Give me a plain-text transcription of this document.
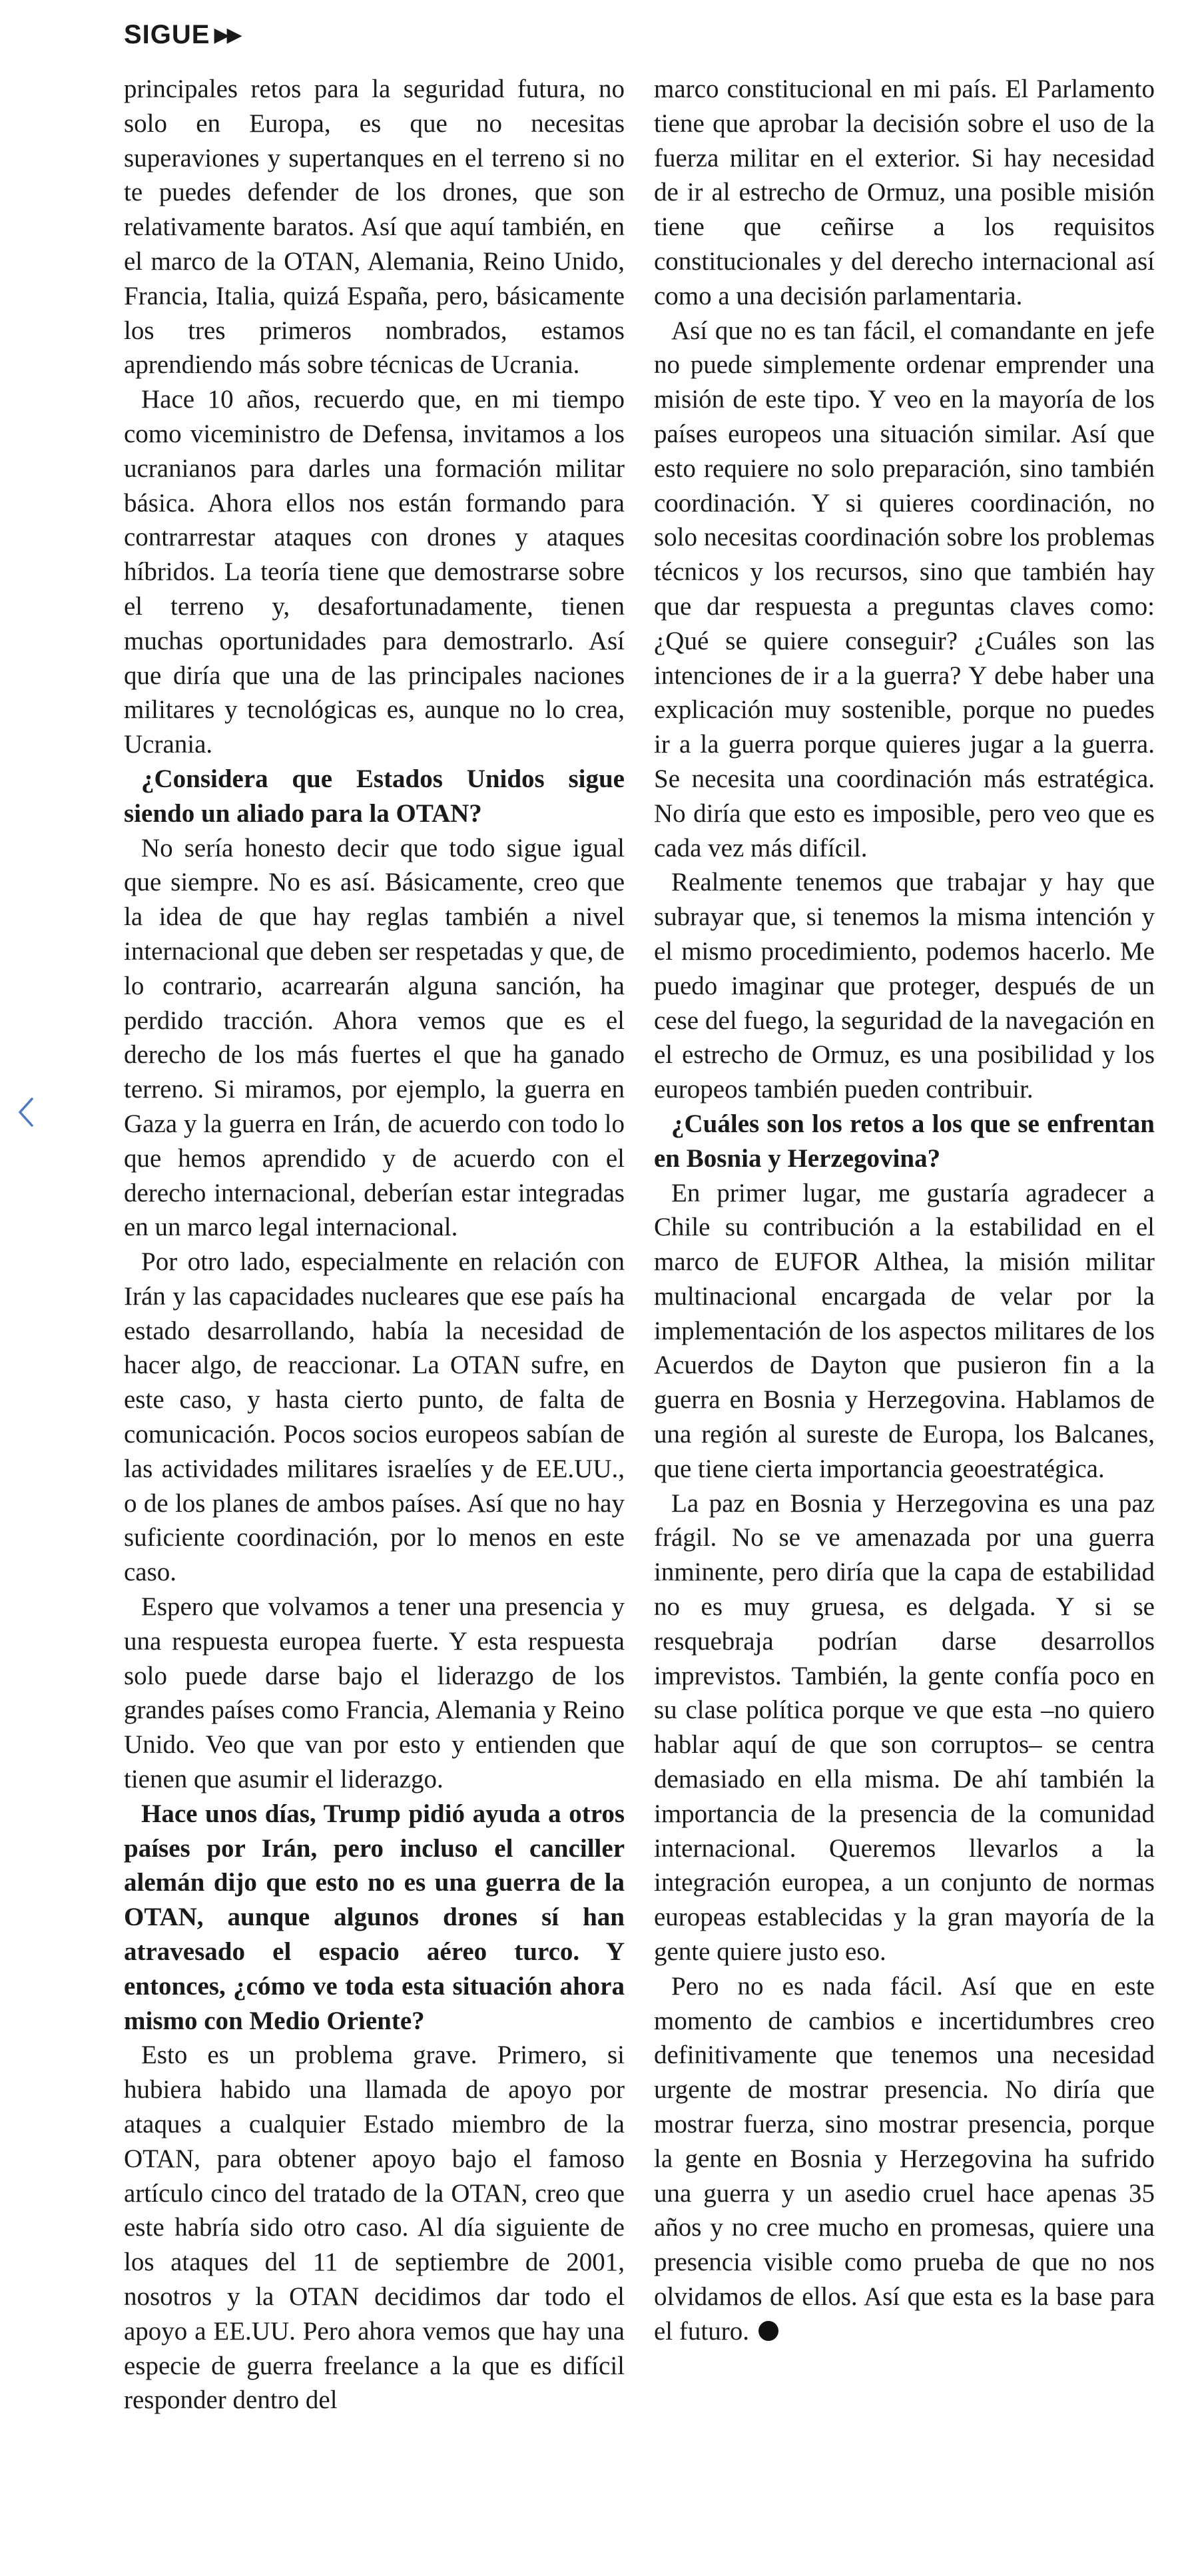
SIGUE ▶▶

principales retos para la seguridad futura, no solo en Europa, es que no necesitas superaviones y supertanques en el terreno si no te puedes defender de los drones, que son relativamente baratos. Así que aquí también, en el marco de la OTAN, Alemania, Reino Unido, Francia, Italia, quizá España, pero, básicamente los tres primeros nombrados, estamos aprendiendo más sobre técnicas de Ucrania.

Hace 10 años, recuerdo que, en mi tiempo como viceministro de Defensa, invitamos a los ucranianos para darles una formación militar básica. Ahora ellos nos están formando para contrarrestar ataques con drones y ataques híbridos. La teoría tiene que demostrarse sobre el terreno y, desafortunadamente, tienen muchas oportunidades para demostrarlo. Así que diría que una de las principales naciones militares y tecnológicas es, aunque no lo crea, Ucrania.

¿Considera que Estados Unidos sigue siendo un aliado para la OTAN?

No sería honesto decir que todo sigue igual que siempre. No es así. Básicamente, creo que la idea de que hay reglas también a nivel internacional que deben ser respetadas y que, de lo contrario, acarrearán alguna sanción, ha perdido tracción. Ahora vemos que es el derecho de los más fuertes el que ha ganado terreno. Si miramos, por ejemplo, la guerra en Gaza y la guerra en Irán, de acuerdo con todo lo que hemos aprendido y de acuerdo con el derecho internacional, deberían estar integradas en un marco legal internacional.

Por otro lado, especialmente en relación con Irán y las capacidades nucleares que ese país ha estado desarrollando, había la necesidad de hacer algo, de reaccionar. La OTAN sufre, en este caso, y hasta cierto punto, de falta de comunicación. Pocos socios europeos sabían de las actividades militares israelíes y de EE.UU., o de los planes de ambos países. Así que no hay suficiente coordinación, por lo menos en este caso.

Espero que volvamos a tener una presencia y una respuesta europea fuerte. Y esta respuesta solo puede darse bajo el liderazgo de los grandes países como Francia, Alemania y Reino Unido. Veo que van por esto y entienden que tienen que asumir el liderazgo.

Hace unos días, Trump pidió ayuda a otros países por Irán, pero incluso el canciller alemán dijo que esto no es una guerra de la OTAN, aunque algunos drones sí han atravesado el espacio aéreo turco. Y entonces, ¿cómo ve toda esta situación ahora mismo con Medio Oriente?

Esto es un problema grave. Primero, si hubiera habido una llamada de apoyo por ataques a cualquier Estado miembro de la OTAN, para obtener apoyo bajo el famoso artículo cinco del tratado de la OTAN, creo que este habría sido otro caso. Al día siguiente de los ataques del 11 de septiembre de 2001, nosotros y la OTAN decidimos dar todo el apoyo a EE.UU. Pero ahora vemos que hay una especie de guerra freelance a la que es difícil responder dentro del

marco constitucional en mi país. El Parlamento tiene que aprobar la decisión sobre el uso de la fuerza militar en el exterior. Si hay necesidad de ir al estrecho de Ormuz, una posible misión tiene que ceñirse a los requisitos constitucionales y del derecho internacional así como a una decisión parlamentaria.

Así que no es tan fácil, el comandante en jefe no puede simplemente ordenar emprender una misión de este tipo. Y veo en la mayoría de los países europeos una situación similar. Así que esto requiere no solo preparación, sino también coordinación. Y si quieres coordinación, no solo necesitas coordinación sobre los problemas técnicos y los recursos, sino que también hay que dar respuesta a preguntas claves como: ¿Qué se quiere conseguir? ¿Cuáles son las intenciones de ir a la guerra? Y debe haber una explicación muy sostenible, porque no puedes ir a la guerra porque quieres jugar a la guerra. Se necesita una coordinación más estratégica. No diría que esto es imposible, pero veo que es cada vez más difícil.

Realmente tenemos que trabajar y hay que subrayar que, si tenemos la misma intención y el mismo procedimiento, podemos hacerlo. Me puedo imaginar que proteger, después de un cese del fuego, la seguridad de la navegación en el estrecho de Ormuz, es una posibilidad y los europeos también pueden contribuir.

¿Cuáles son los retos a los que se enfrentan en Bosnia y Herzegovina?

En primer lugar, me gustaría agradecer a Chile su contribución a la estabilidad en el marco de EUFOR Althea, la misión militar multinacional encargada de velar por la implementación de los aspectos militares de los Acuerdos de Dayton que pusieron fin a la guerra en Bosnia y Herzegovina. Hablamos de una región al sureste de Europa, los Balcanes, que tiene cierta importancia geoestratégica.

La paz en Bosnia y Herzegovina es una paz frágil. No se ve amenazada por una guerra inminente, pero diría que la capa de estabilidad no es muy gruesa, es delgada. Y si se resquebraja podrían darse desarrollos imprevistos. También, la gente confía poco en su clase política porque ve que esta –no quiero hablar aquí de que son corruptos– se centra demasiado en ella misma. De ahí también la importancia de la presencia de la comunidad internacional. Queremos llevarlos a la integración europea, a un conjunto de normas europeas establecidas y la gran mayoría de la gente quiere justo eso.

Pero no es nada fácil. Así que en este momento de cambios e incertidumbres creo definitivamente que tenemos una necesidad urgente de mostrar presencia. No diría que mostrar fuerza, sino mostrar presencia, porque la gente en Bosnia y Herzegovina ha sufrido una guerra y un asedio cruel hace apenas 35 años y no cree mucho en promesas, quiere una presencia visible como prueba de que no nos olvidamos de ellos. Así que esta es la base para el futuro.
